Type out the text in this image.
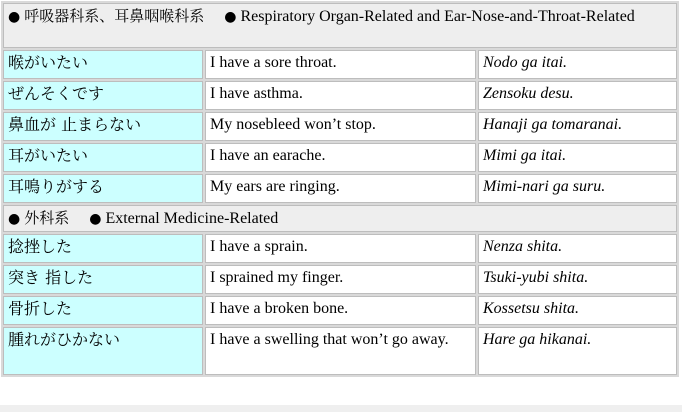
● 呼吸器科系、耳鼻咽喉科系 ● Respiratory Organ-Related and Ear-Nose-and-Throat-Related		
喉がいたい	I have a sore throat.	Nodo ga itai.
ぜんそくです	I have asthma.	Zensoku desu.
鼻血が 止まらない	My nosebleed won’t stop.	Hanaji ga tomaranai.
耳がいたい	I have an earache.	Mimi ga itai.
耳鳴りがする	My ears are ringing.	Mimi-nari ga suru.
● 外科系 ● External Medicine-Related		
捻挫した	I have a sprain.	Nenza shita.
突き 指した	I sprained my finger.	Tsuki-yubi shita.
骨折した	I have a broken bone.	Kossetsu shita.
腫れがひかない	I have a swelling that won’t go away.	Hare ga hikanai.
